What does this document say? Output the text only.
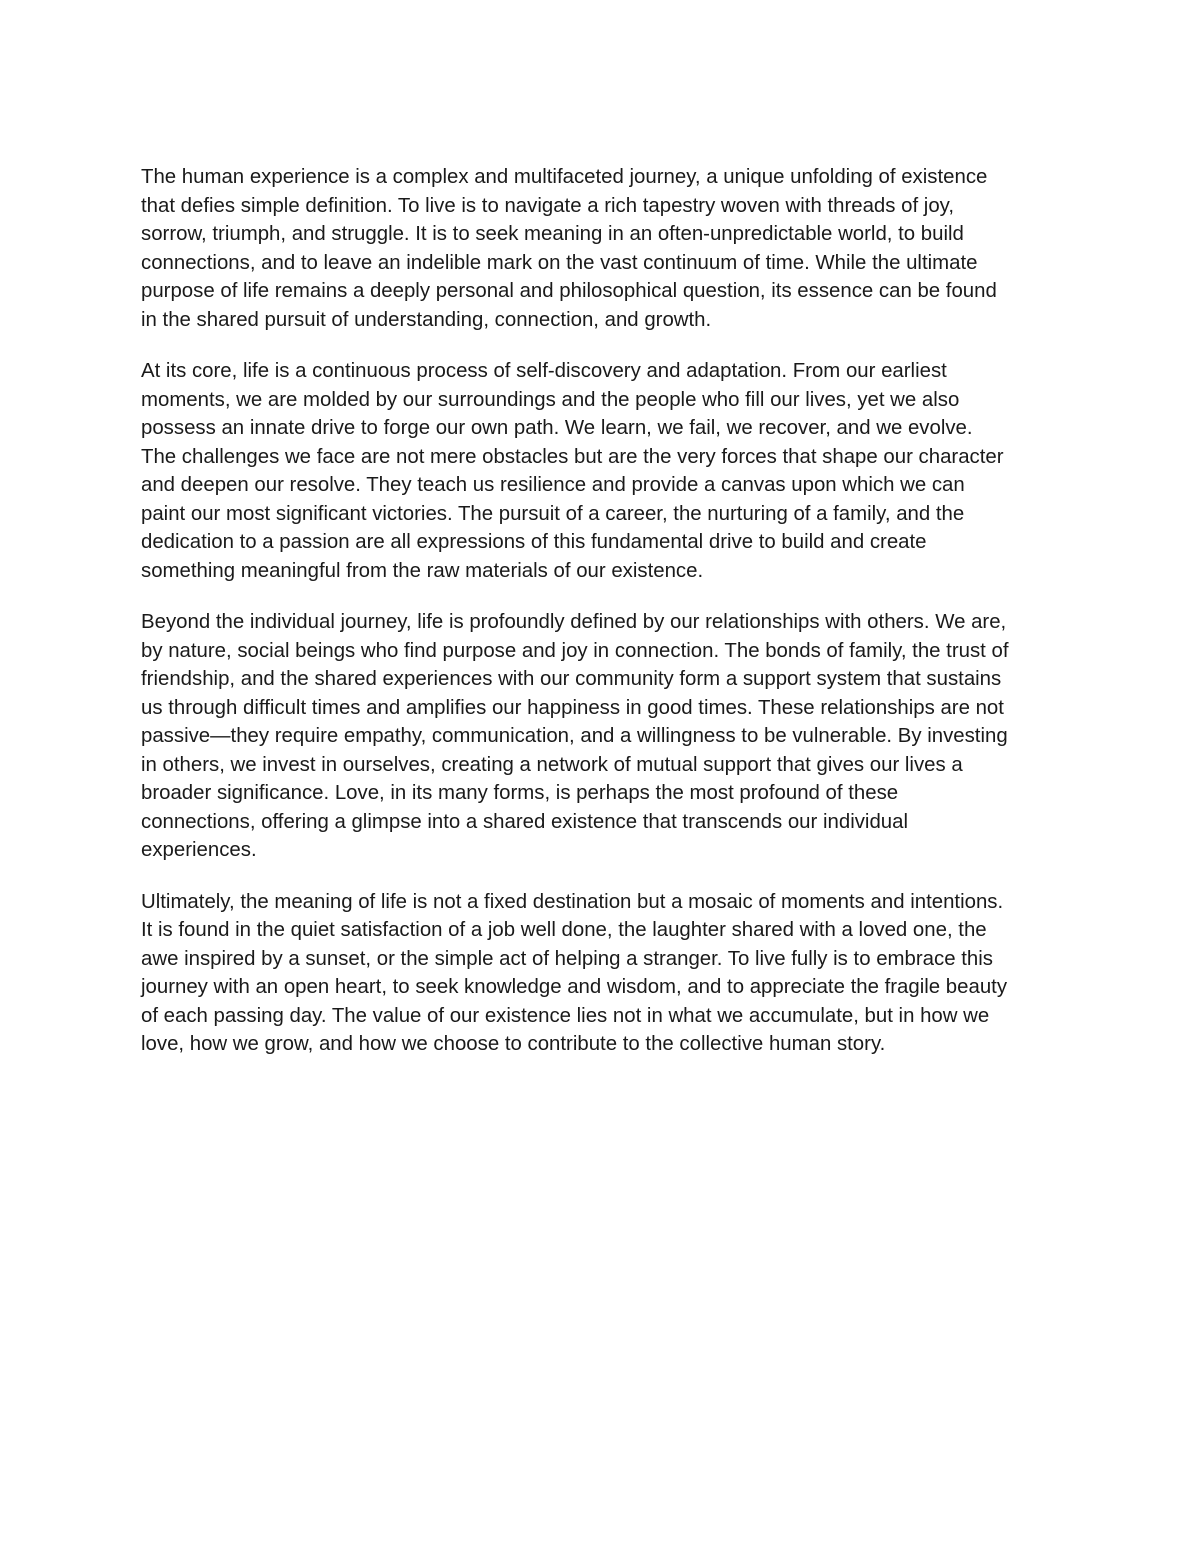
The human experience is a complex and multifaceted journey, a unique unfolding of existence
that defies simple definition. To live is to navigate a rich tapestry woven with threads of joy,
sorrow, triumph, and struggle. It is to seek meaning in an often-unpredictable world, to build
connections, and to leave an indelible mark on the vast continuum of time. While the ultimate
purpose of life remains a deeply personal and philosophical question, its essence can be found
in the shared pursuit of understanding, connection, and growth.

At its core, life is a continuous process of self-discovery and adaptation. From our earliest
moments, we are molded by our surroundings and the people who fill our lives, yet we also
possess an innate drive to forge our own path. We learn, we fail, we recover, and we evolve.
The challenges we face are not mere obstacles but are the very forces that shape our character
and deepen our resolve. They teach us resilience and provide a canvas upon which we can
paint our most significant victories. The pursuit of a career, the nurturing of a family, and the
dedication to a passion are all expressions of this fundamental drive to build and create
something meaningful from the raw materials of our existence.

Beyond the individual journey, life is profoundly defined by our relationships with others. We are,
by nature, social beings who find purpose and joy in connection. The bonds of family, the trust of
friendship, and the shared experiences with our community form a support system that sustains
us through difficult times and amplifies our happiness in good times. These relationships are not
passive—they require empathy, communication, and a willingness to be vulnerable. By investing
in others, we invest in ourselves, creating a network of mutual support that gives our lives a
broader significance. Love, in its many forms, is perhaps the most profound of these
connections, offering a glimpse into a shared existence that transcends our individual
experiences.

Ultimately, the meaning of life is not a fixed destination but a mosaic of moments and intentions.
It is found in the quiet satisfaction of a job well done, the laughter shared with a loved one, the
awe inspired by a sunset, or the simple act of helping a stranger. To live fully is to embrace this
journey with an open heart, to seek knowledge and wisdom, and to appreciate the fragile beauty
of each passing day. The value of our existence lies not in what we accumulate, but in how we
love, how we grow, and how we choose to contribute to the collective human story.
